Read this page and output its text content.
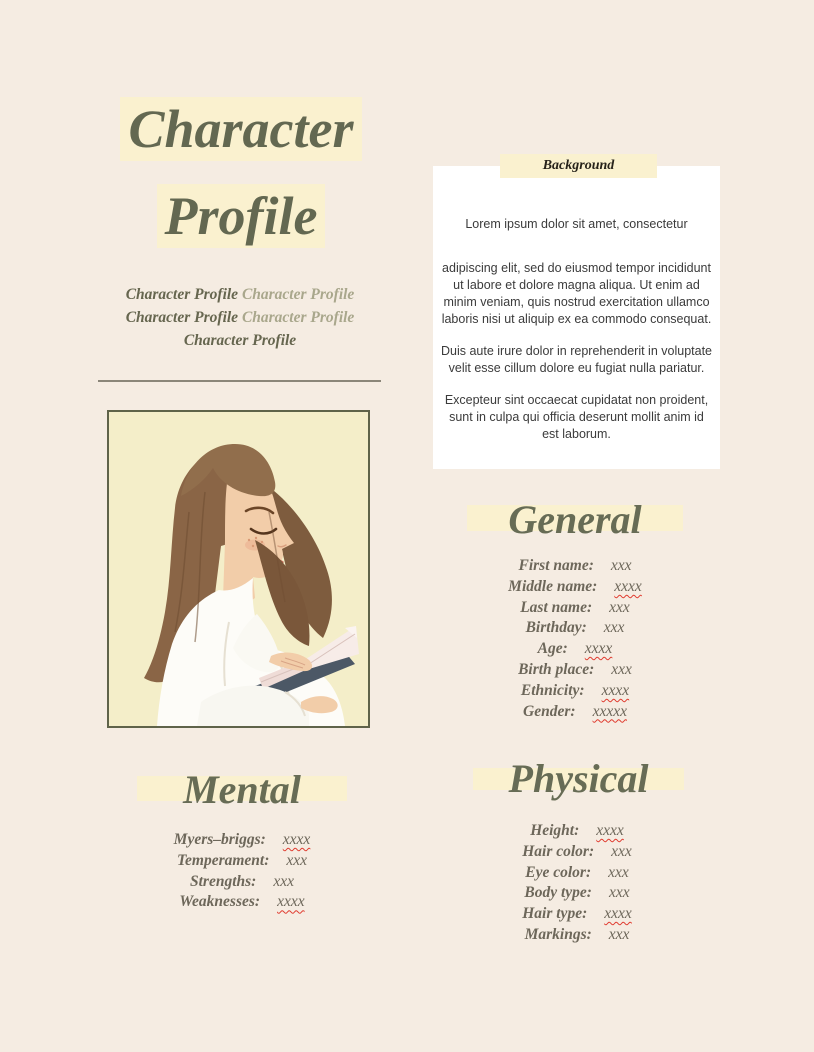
Character
Profile
Character Profile Character Profile
Character Profile Character Profile
Character Profile
Background

Lorem ipsum dolor sit amet, consectetur

adipiscing elit, sed do eiusmod tempor incididunt ut labore et dolore magna aliqua. Ut enim ad minim veniam, quis nostrud exercitation ullamco laboris nisi ut aliquip ex ea commodo consequat.

Duis aute irure dolor in reprehenderit in voluptate velit esse cillum dolore eu fugiat nulla pariatur.

Excepteur sint occaecat cupidatat non proident, sunt in culpa qui officia deserunt mollit anim id est laborum.

General
First name: xxx
Middle name: xxxx
Last name: xxx
Birthday: xxx
Age: xxxx
Birth place: xxx
Ethnicity: xxxx
Gender: xxxxx
Mental
Myers–briggs: xxxx
Temperament: xxx
Strengths: xxx
Weaknesses: xxxx
Physical
Height: xxxx
Hair color: xxx
Eye color: xxx
Body type: xxx
Hair type: xxxx
Markings: xxx
